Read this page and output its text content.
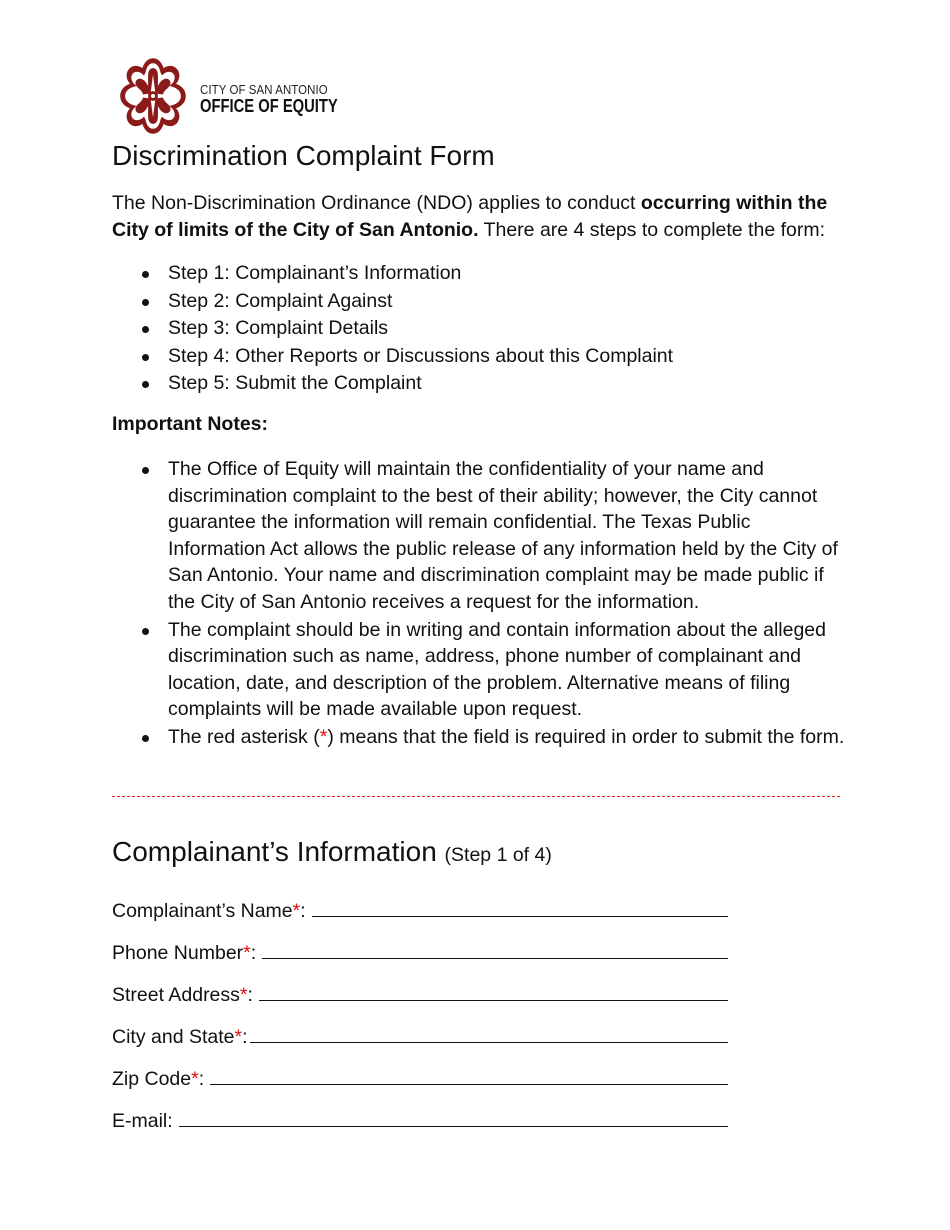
CITY OF SAN ANTONIO
OFFICE OF EQUITY
Discrimination Complaint Form

The Non-Discrimination Ordinance (NDO) applies to conduct occurring within the City of limits of the City of San Antonio. There are 4 steps to complete the form:

Step 1: Complainant’s Information
Step 2: Complaint Against
Step 3: Complaint Details
Step 4: Other Reports or Discussions about this Complaint
Step 5: Submit the Complaint
Important Notes:
The Office of Equity will maintain the confidentiality of your name and discrimination complaint to the best of their ability; however, the City cannot guarantee the information will remain confidential. The Texas Public Information Act allows the public release of any information held by the City of San Antonio. Your name and discrimination complaint may be made public if the City of San Antonio receives a request for the information.
The complaint should be in writing and contain information about the alleged discrimination such as name, address, phone number of complainant and location, date, and description of the problem. Alternative means of filing complaints will be made available upon request.
The red asterisk (*) means that the field is required in order to submit the form.
Complainant’s Information (Step 1 of 4)
Complainant’s Name*:
Phone Number*:
Street Address*:
City and State*:
Zip Code*:
E-mail:
